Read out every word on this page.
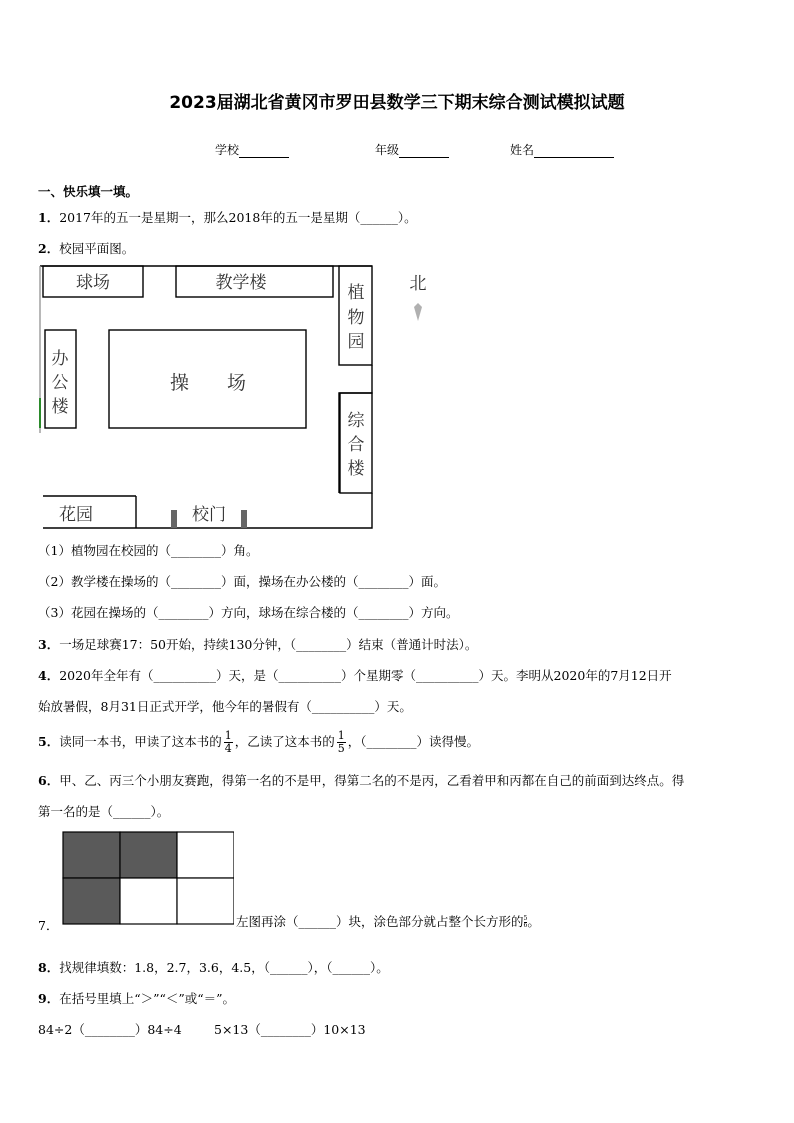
2023届湖北省黄冈市罗田县数学三下期末综合测试模拟试题
学校	年级	姓名
一、快乐填一填。
1．2017年的五一是星期一，那么2018年的五一是星期（______）。
2．校园平面图。
球场	教学楼	植
物
园
北
办
公
楼
操　　场
综
合
楼
花园	校门
（1）植物园在校园的（________）角。
（2）教学楼在操场的（________）面，操场在办公楼的（________）面。
（3）花园在操场的（________）方向，球场在综合楼的（________）方向。
3．一场足球赛17：50开始，持续130分钟，（________）结束（普通计时法）。
4．2020年全年有（__________）天，是（__________）个星期零（__________）天。李明从2020年的7月12日开
始放暑假，8月31日正式开学，他今年的暑假有（__________）天。
5．读同一本书，甲读了这本书的 $\frac{1}{4}$ ，乙读了这本书的 $\frac{1}{5}$ ，（________）读得慢。
6．甲、乙、丙三个小朋友赛跑，得第一名的不是甲，得第二名的不是丙，乙看着甲和丙都在自己的前面到达终点。得
第一名的是（______）。
7．	左图再涂（______）块，涂色部分就占整个长方形的 $\frac{5}{6}$ 。
8．找规律填数：1.8，2.7，3.6，4.5，（______），（______）。
9．在括号里填上“＞”“＜”或“＝”。
84÷2（________）84÷4	5×13（________）10×13
